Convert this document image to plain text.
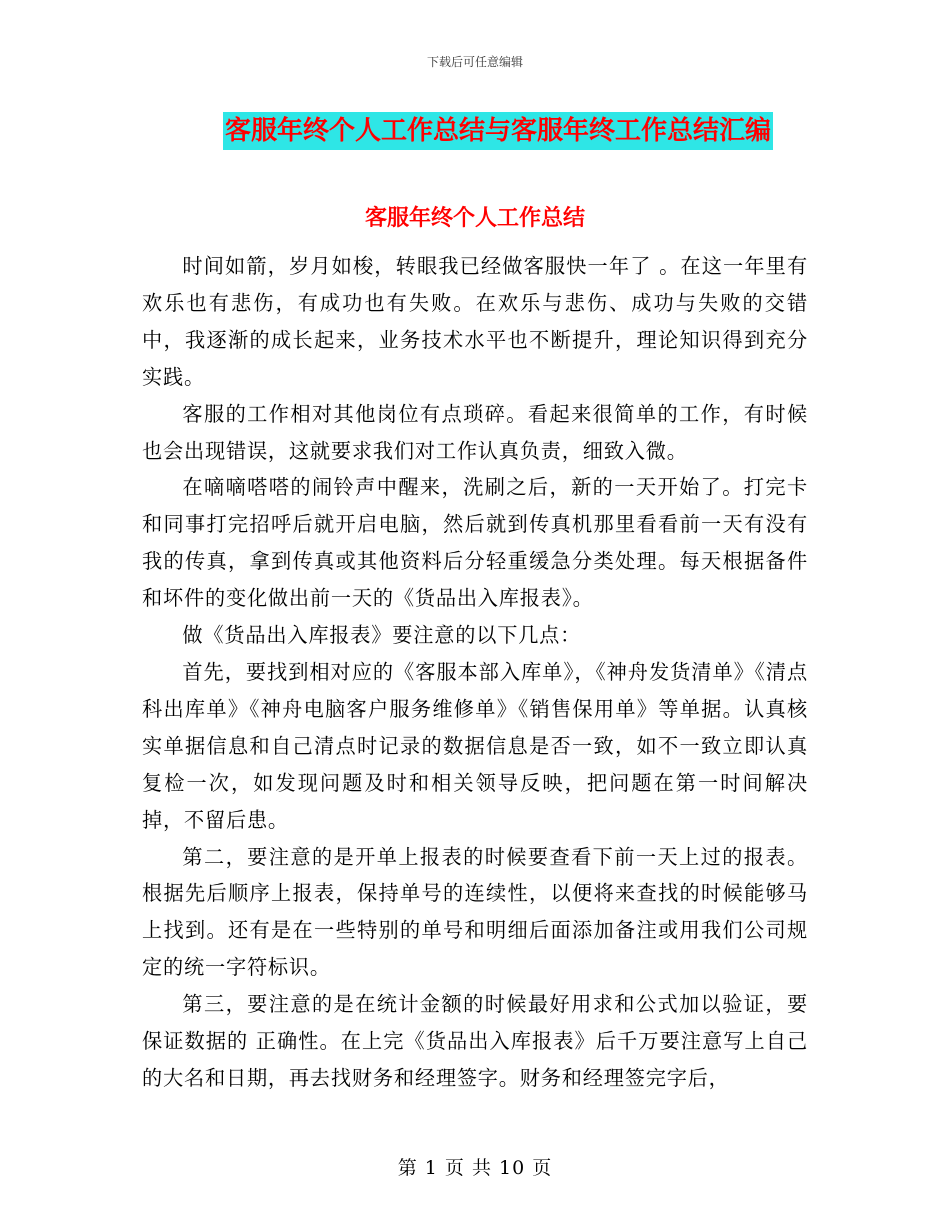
下载后可任意编辑
客服年终个人工作总结与客服年终工作总结汇编
客服年终个人工作总结

时间如箭，岁月如梭，转眼我已经做客服快一年了 。在这一年里有欢乐也有悲伤，有成功也有失败。在欢乐与悲伤、成功与失败的交错中，我逐渐的成长起来，业务技术水平也不断提升，理论知识得到充分实践。

客服的工作相对其他岗位有点琐碎。看起来很简单的工作，有时候也会出现错误，这就要求我们对工作认真负责，细致入微。

在嘀嘀嗒嗒的闹铃声中醒来，洗刷之后，新的一天开始了。打完卡和同事打完招呼后就开启电脑，然后就到传真机那里看看前一天有没有我的传真，拿到传真或其他资料后分轻重缓急分类处理。每天根据备件和坏件的变化做出前一天的《货品出入库报表》。

做《货品出入库报表》要注意的以下几点：

首先，要找到相对应的《客服本部入库单》，《神舟发货清单》《清点科出库单》《神舟电脑客户服务维修单》《销售保用单》等单据。认真核实单据信息和自己清点时记录的数据信息是否一致，如不一致立即认真复检一次，如发现问题及时和相关领导反映，把问题在第一时间解决掉，不留后患。

第二，要注意的是开单上报表的时候要查看下前一天上过的报表。根据先后顺序上报表，保持单号的连续性，以便将来查找的时候能够马上找到。还有是在一些特别的单号和明细后面添加备注或用我们公司规定的统一字符标识。

第三，要注意的是在统计金额的时候最好用求和公式加以验证，要保证数据的 正确性。在上完《货品出入库报表》后千万要注意写上自己的大名和日期，再去找财务和经理签字。财务和经理签完字后，

第 1 页 共 10 页
